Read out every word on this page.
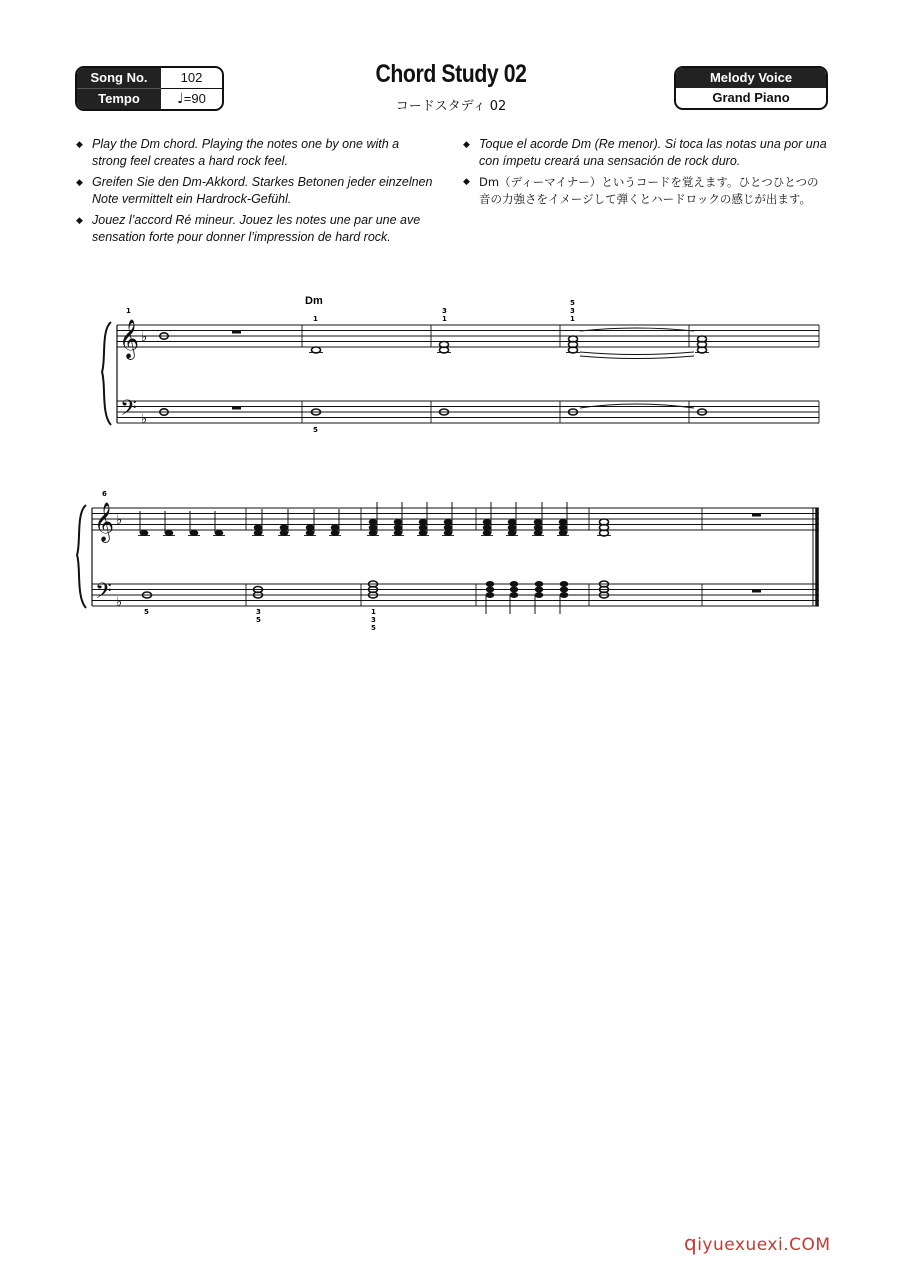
Song No.
Tempo
102
♩=90
Chord Study 02
コードスタディ 02
Melody Voice
Grand Piano
◆ Play the Dm chord. Playing the notes one by one with a strong feel creates a hard rock feel.
◆ Greifen Sie den Dm-Akkord. Starkes Betonen jeder einzelnen Note vermittelt ein Hardrock-Gefühl.
◆ Jouez l’accord Ré mineur. Jouez les notes une par une ave sensation forte pour donner l’impression de hard rock.
◆ Toque el acorde Dm (Re menor). Si toca las notas una por una con ímpetu creará una sensación de rock duro.
◆ Dm（ディーマイナー）というコードを覚えます。ひとつひとつの音の力強さをイメージして弾くとハードロックの感じが出ます。
𝄞
𝄢
♭
♭
𝄞
𝄢
♭
♭
1
6
Dm
1
5
3
1
5
3
1
5	3
5
1
3
5
qiyuexuexi.COM
